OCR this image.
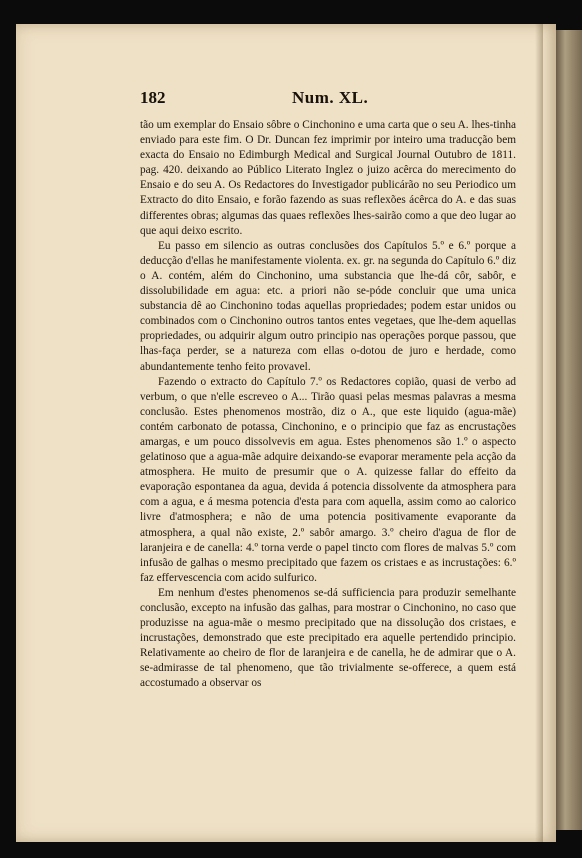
182	Num. XL.

tão um exemplar do Ensaio sôbre o Cinchonino e uma carta que o seu A. lhes-tinha enviado para este fim. O Dr. Duncan fez imprimir por inteiro uma traducção bem exacta do Ensaio no Edimburgh Medical and Surgical Journal Outubro de 1811. pag. 420. deixando ao Público Literato Inglez o juizo acêrca do merecimento do Ensaio e do seu A. Os Redactores do Investigador publicárão no seu Periodico um Extracto do dito Ensaio, e forão fazendo as suas reflexões ácêrca do A. e das suas differentes obras; algumas das quaes reflexões lhes-sairão como a que deo lugar ao que aqui deixo escrito.

Eu passo em silencio as outras conclusões dos Capítulos 5.º e 6.º porque a deducção d'ellas he manifestamente violenta. ex. gr. na segunda do Capítulo 6.º diz o A. contém, além do Cinchonino, uma substancia que lhe-dá côr, sabôr, e dissolubilidade em agua: etc. a priori não se-póde concluir que uma unica substancia dê ao Cinchonino todas aquellas propriedades; podem estar unidos ou combinados com o Cinchonino outros tantos entes vegetaes, que lhe-dem aquellas propriedades, ou adquirir algum outro principio nas operações porque passou, que lhas-faça perder, se a natureza com ellas o-dotou de juro e herdade, como abundantemente tenho feito provavel.

Fazendo o extracto do Capítulo 7.º os Redactores copião, quasi de verbo ad verbum, o que n'elle escreveo o A... Tirão quasi pelas mesmas palavras a mesma conclusão. Estes phenomenos mostrão, diz o A., que este liquido (agua-mãe) contém carbonato de potassa, Cinchonino, e o principio que faz as encrustações amargas, e um pouco dissolvevis em agua. Estes phenomenos são 1.º o aspecto gelatinoso que a agua-mãe adquire deixando-se evaporar meramente pela acção da atmosphera. He muito de presumir que o A. quizesse fallar do effeito da evaporação espontanea da agua, devida á potencia dissolvente da atmosphera para com a agua, e á mesma potencia d'esta para com aquella, assim como ao calorico livre d'atmosphera; e não de uma potencia positivamente evaporante da atmosphera, a qual não existe, 2.º sabôr amargo. 3.º cheiro d'agua de flor de laranjeira e de canella: 4.º torna verde o papel tincto com flores de malvas 5.º com infusão de galhas o mesmo precipitado que fazem os cristaes e as incrustações: 6.º faz effervescencia com acido sulfurico.

Em nenhum d'estes phenomenos se-dá sufficiencia para produzir semelhante conclusão, excepto na infusão das galhas, para mostrar o Cinchonino, no caso que produzisse na agua-mãe o mesmo precipitado que na dissolução dos cristaes, e incrustações, demonstrado que este precipitado era aquelle pertendido principio. Relativamente ao cheiro de flor de laranjeira e de canella, he de admirar que o A. se-admirasse de tal phenomeno, que tão trivialmente se-offerece, a quem está accostumado a observar os
